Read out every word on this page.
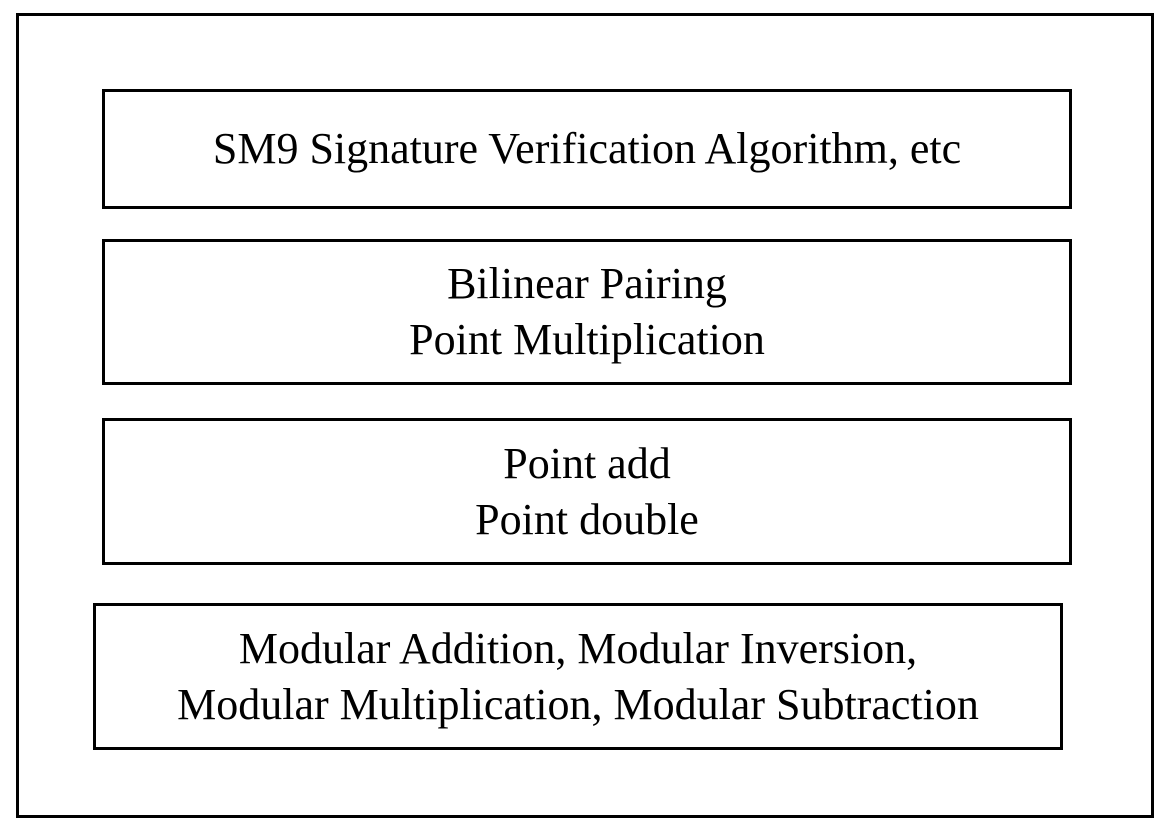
SM9 Signature Verification Algorithm, etc
Bilinear Pairing
Point Multiplication
Point add
Point double
Modular Addition, Modular Inversion,
Modular Multiplication, Modular Subtraction
